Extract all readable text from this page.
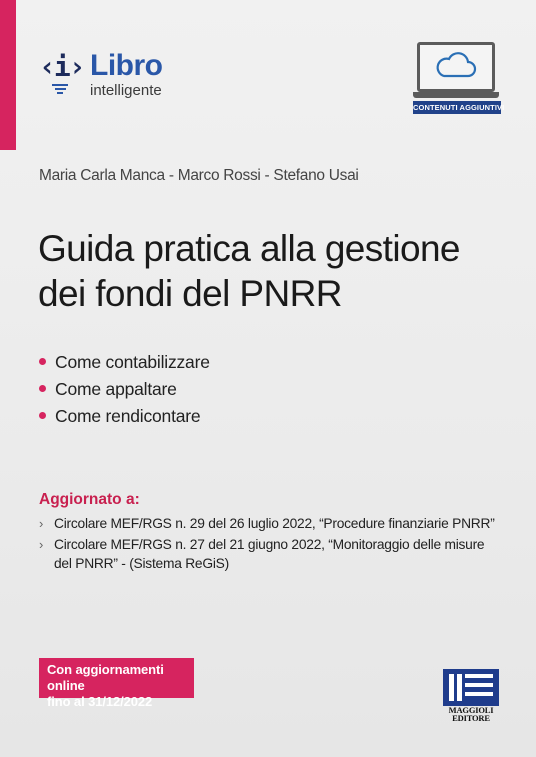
‹i› Libro
intelligente
CONTENUTI AGGIUNTIVI
Maria Carla Manca - Marco Rossi - Stefano Usai
Guida pratica alla gestione
dei fondi del PNRR
Come contabilizzare
Come appaltare
Come rendicontare
Aggiornato a:
› Circolare MEF/RGS n. 29 del 26 luglio 2022, “Procedure finanziarie PNRR”
› Circolare MEF/RGS n. 27 del 21 giugno 2022, “Monitoraggio delle misure del PNRR” - (Sistema ReGiS)
Con aggiornamenti online
fino al 31/12/2022
MAGGIOLI
EDITORE
